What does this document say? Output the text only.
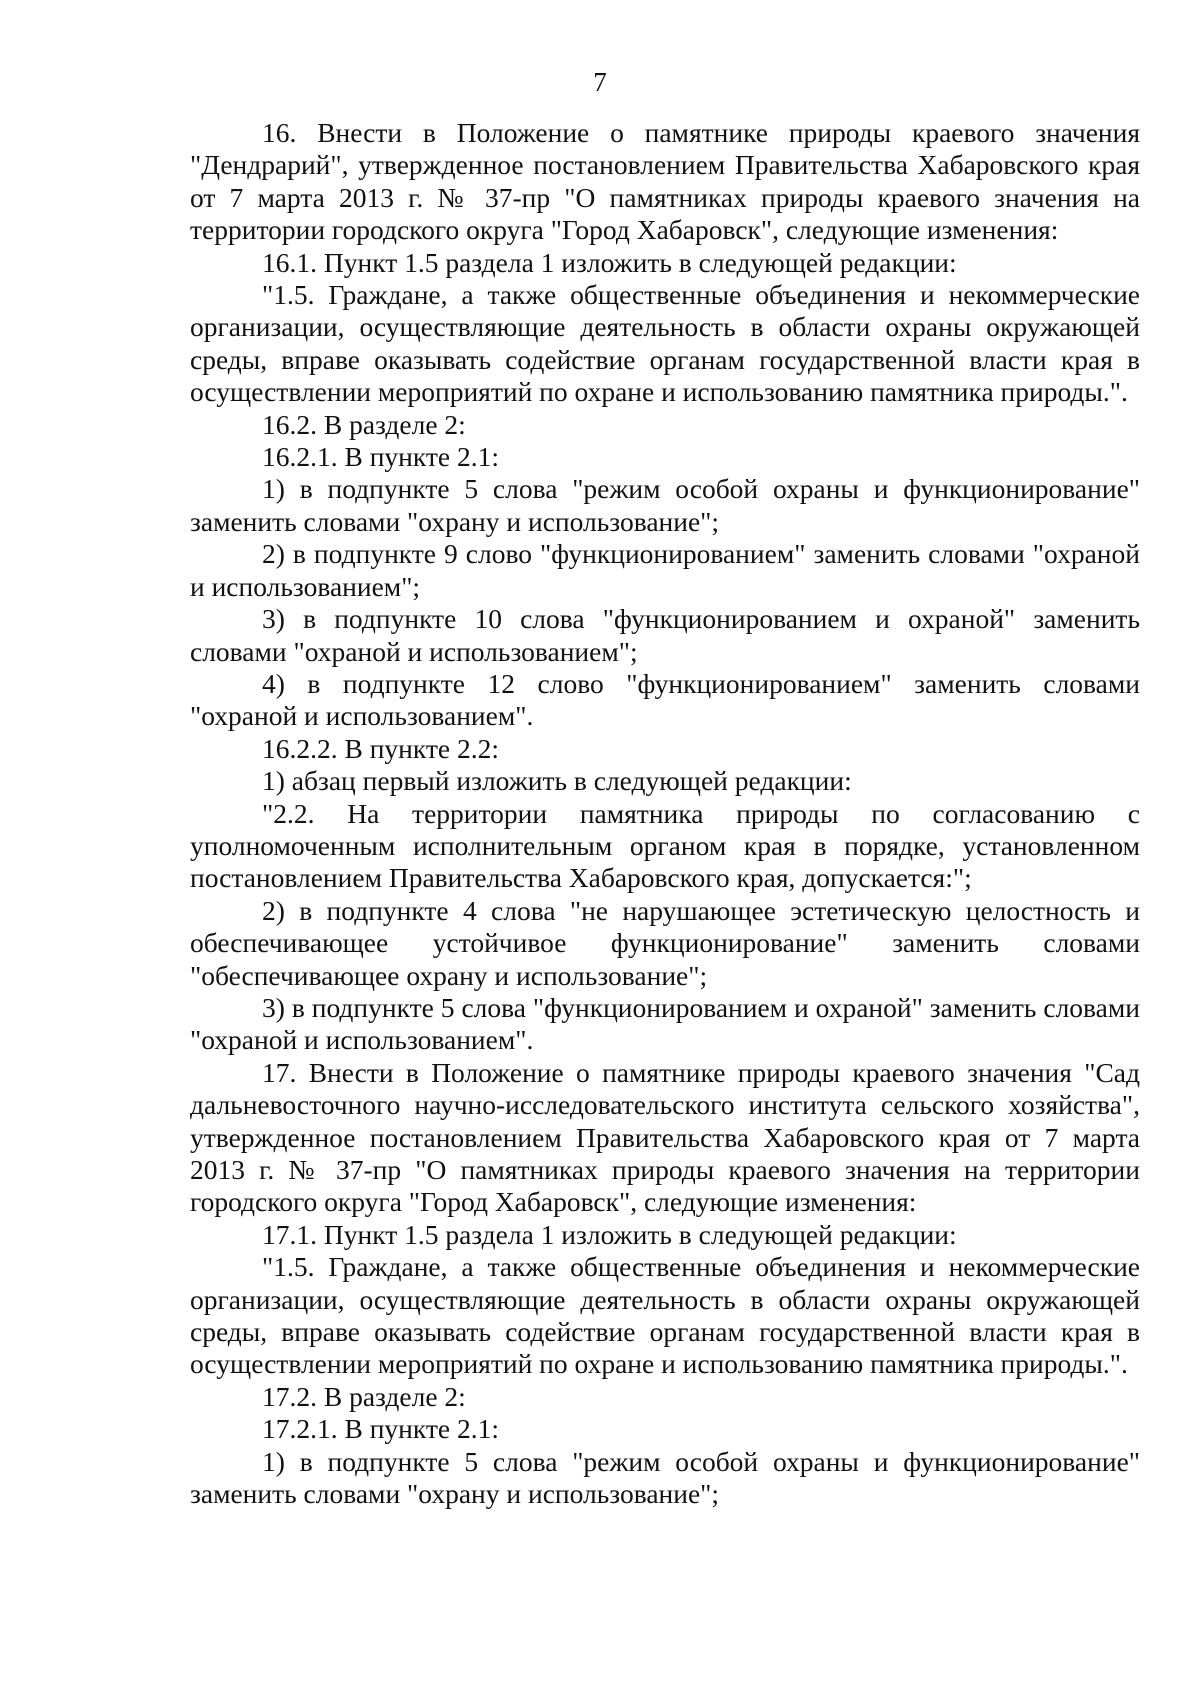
7

16. Внести в Положение о памятнике природы краевого значения "Дендрарий", утвержденное постановлением Правительства Хабаровского края от 7 марта 2013 г. № 37-пр "О памятниках природы краевого значения на территории городского округа "Город Хабаровск", следующие изменения:

16.1. Пункт 1.5 раздела 1 изложить в следующей редакции:

"1.5. Граждане, а также общественные объединения и некоммерческие организации, осуществляющие деятельность в области охраны окружающей среды, вправе оказывать содействие органам государственной власти края в осуществлении мероприятий по охране и использованию памятника природы.".

16.2. В разделе 2:

16.2.1. В пункте 2.1:

1) в подпункте 5 слова "режим особой охраны и функционирование" заменить словами "охрану и использование";

2) в подпункте 9 слово "функционированием" заменить словами "охраной и использованием";

3) в подпункте 10 слова "функционированием и охраной" заменить словами "охраной и использованием";

4) в подпункте 12 слово "функционированием" заменить словами "охраной и использованием".

16.2.2. В пункте 2.2:

1) абзац первый изложить в следующей редакции:

"2.2. На территории памятника природы по согласованию с уполномоченным исполнительным органом края в порядке, установленном постановлением Правительства Хабаровского края, допускается:";

2) в подпункте 4 слова "не нарушающее эстетическую целостность и обеспечивающее устойчивое функционирование" заменить словами "обеспечивающее охрану и использование";

3) в подпункте 5 слова "функционированием и охраной" заменить словами "охраной и использованием".

17. Внести в Положение о памятнике природы краевого значения "Сад дальневосточного научно-исследовательского института сельского хозяйства", утвержденное постановлением Правительства Хабаровского края от 7 марта 2013 г. № 37-пр "О памятниках природы краевого значения на территории городского округа "Город Хабаровск", следующие изменения:

17.1. Пункт 1.5 раздела 1 изложить в следующей редакции:

"1.5. Граждане, а также общественные объединения и некоммерческие организации, осуществляющие деятельность в области охраны окружающей среды, вправе оказывать содействие органам государственной власти края в осуществлении мероприятий по охране и использованию памятника природы.".

17.2. В разделе 2:

17.2.1. В пункте 2.1:

1) в подпункте 5 слова "режим особой охраны и функционирование" заменить словами "охрану и использование";
